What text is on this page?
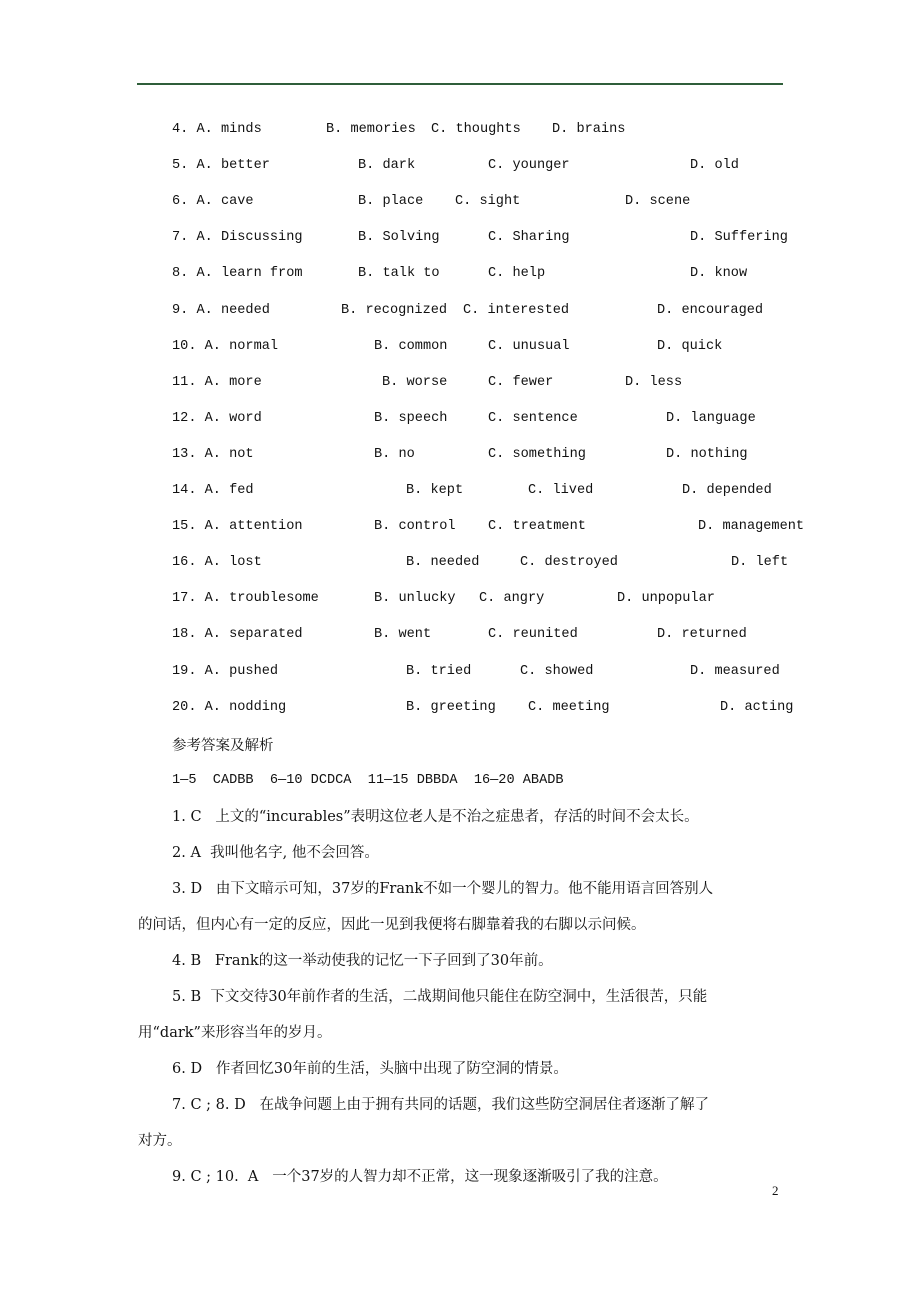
4. A. minds	B. memories C. thoughts D. brains
5. A. better	B. dark	C. younger	D. old
6. A. cave	B. place C. sight	D. scene
7. A. Discussing	B. Solving	C. Sharing	D. Suffering
8. A. learn from	B. talk to	C. help	D. know
9. A. needed	B. recognized C. interested	D. encouraged
10. A. normal	B. common	C. unusual	D. quick
11. A. more	B. worse	C. fewer	D. less
12. A. word	B. speech	C. sentence	D. language
13. A. not	B. no	C. something	D. nothing
14. A. fed	B. kept	C. lived	D. depended
15. A. attention	B. control C. treatment	D. management
16. A. lost	B. needed	C. destroyed	D. left
17. A. troublesome	B. unlucky C. angry	D. unpopular
18. A. separated	B. went	C. reunited	D. returned
19. A. pushed	B. tried	C. showed	D. measured
20. A. nodding	B. greeting C. meeting	D. acting
参考答案及解析
1—5  CADBB  6—10 DCDCA  11—15 DBBDA  16—20 ABADB
1. C   上文的“incurables”表明这位老人是不治之症患者，存活的时间不会太长。
2. A  我叫他名字, 他不会回答。
3. D   由下文暗示可知，37岁的Frank不如一个婴儿的智力。他不能用语言回答别人
的问话，但内心有一定的反应，因此一见到我便将右脚靠着我的右脚以示问候。
4. B   Frank的这一举动使我的记忆一下子回到了30年前。
5. B  下文交待30年前作者的生活，二战期间他只能住在防空洞中，生活很苦，只能
用“dark”来形容当年的岁月。
6. D   作者回忆30年前的生活，头脑中出现了防空洞的情景。
7. C ; 8. D   在战争问题上由于拥有共同的话题，我们这些防空洞居住者逐渐了解了
对方。
9. C ; 10.  A   一个37岁的人智力却不正常，这一现象逐渐吸引了我的注意。
2
